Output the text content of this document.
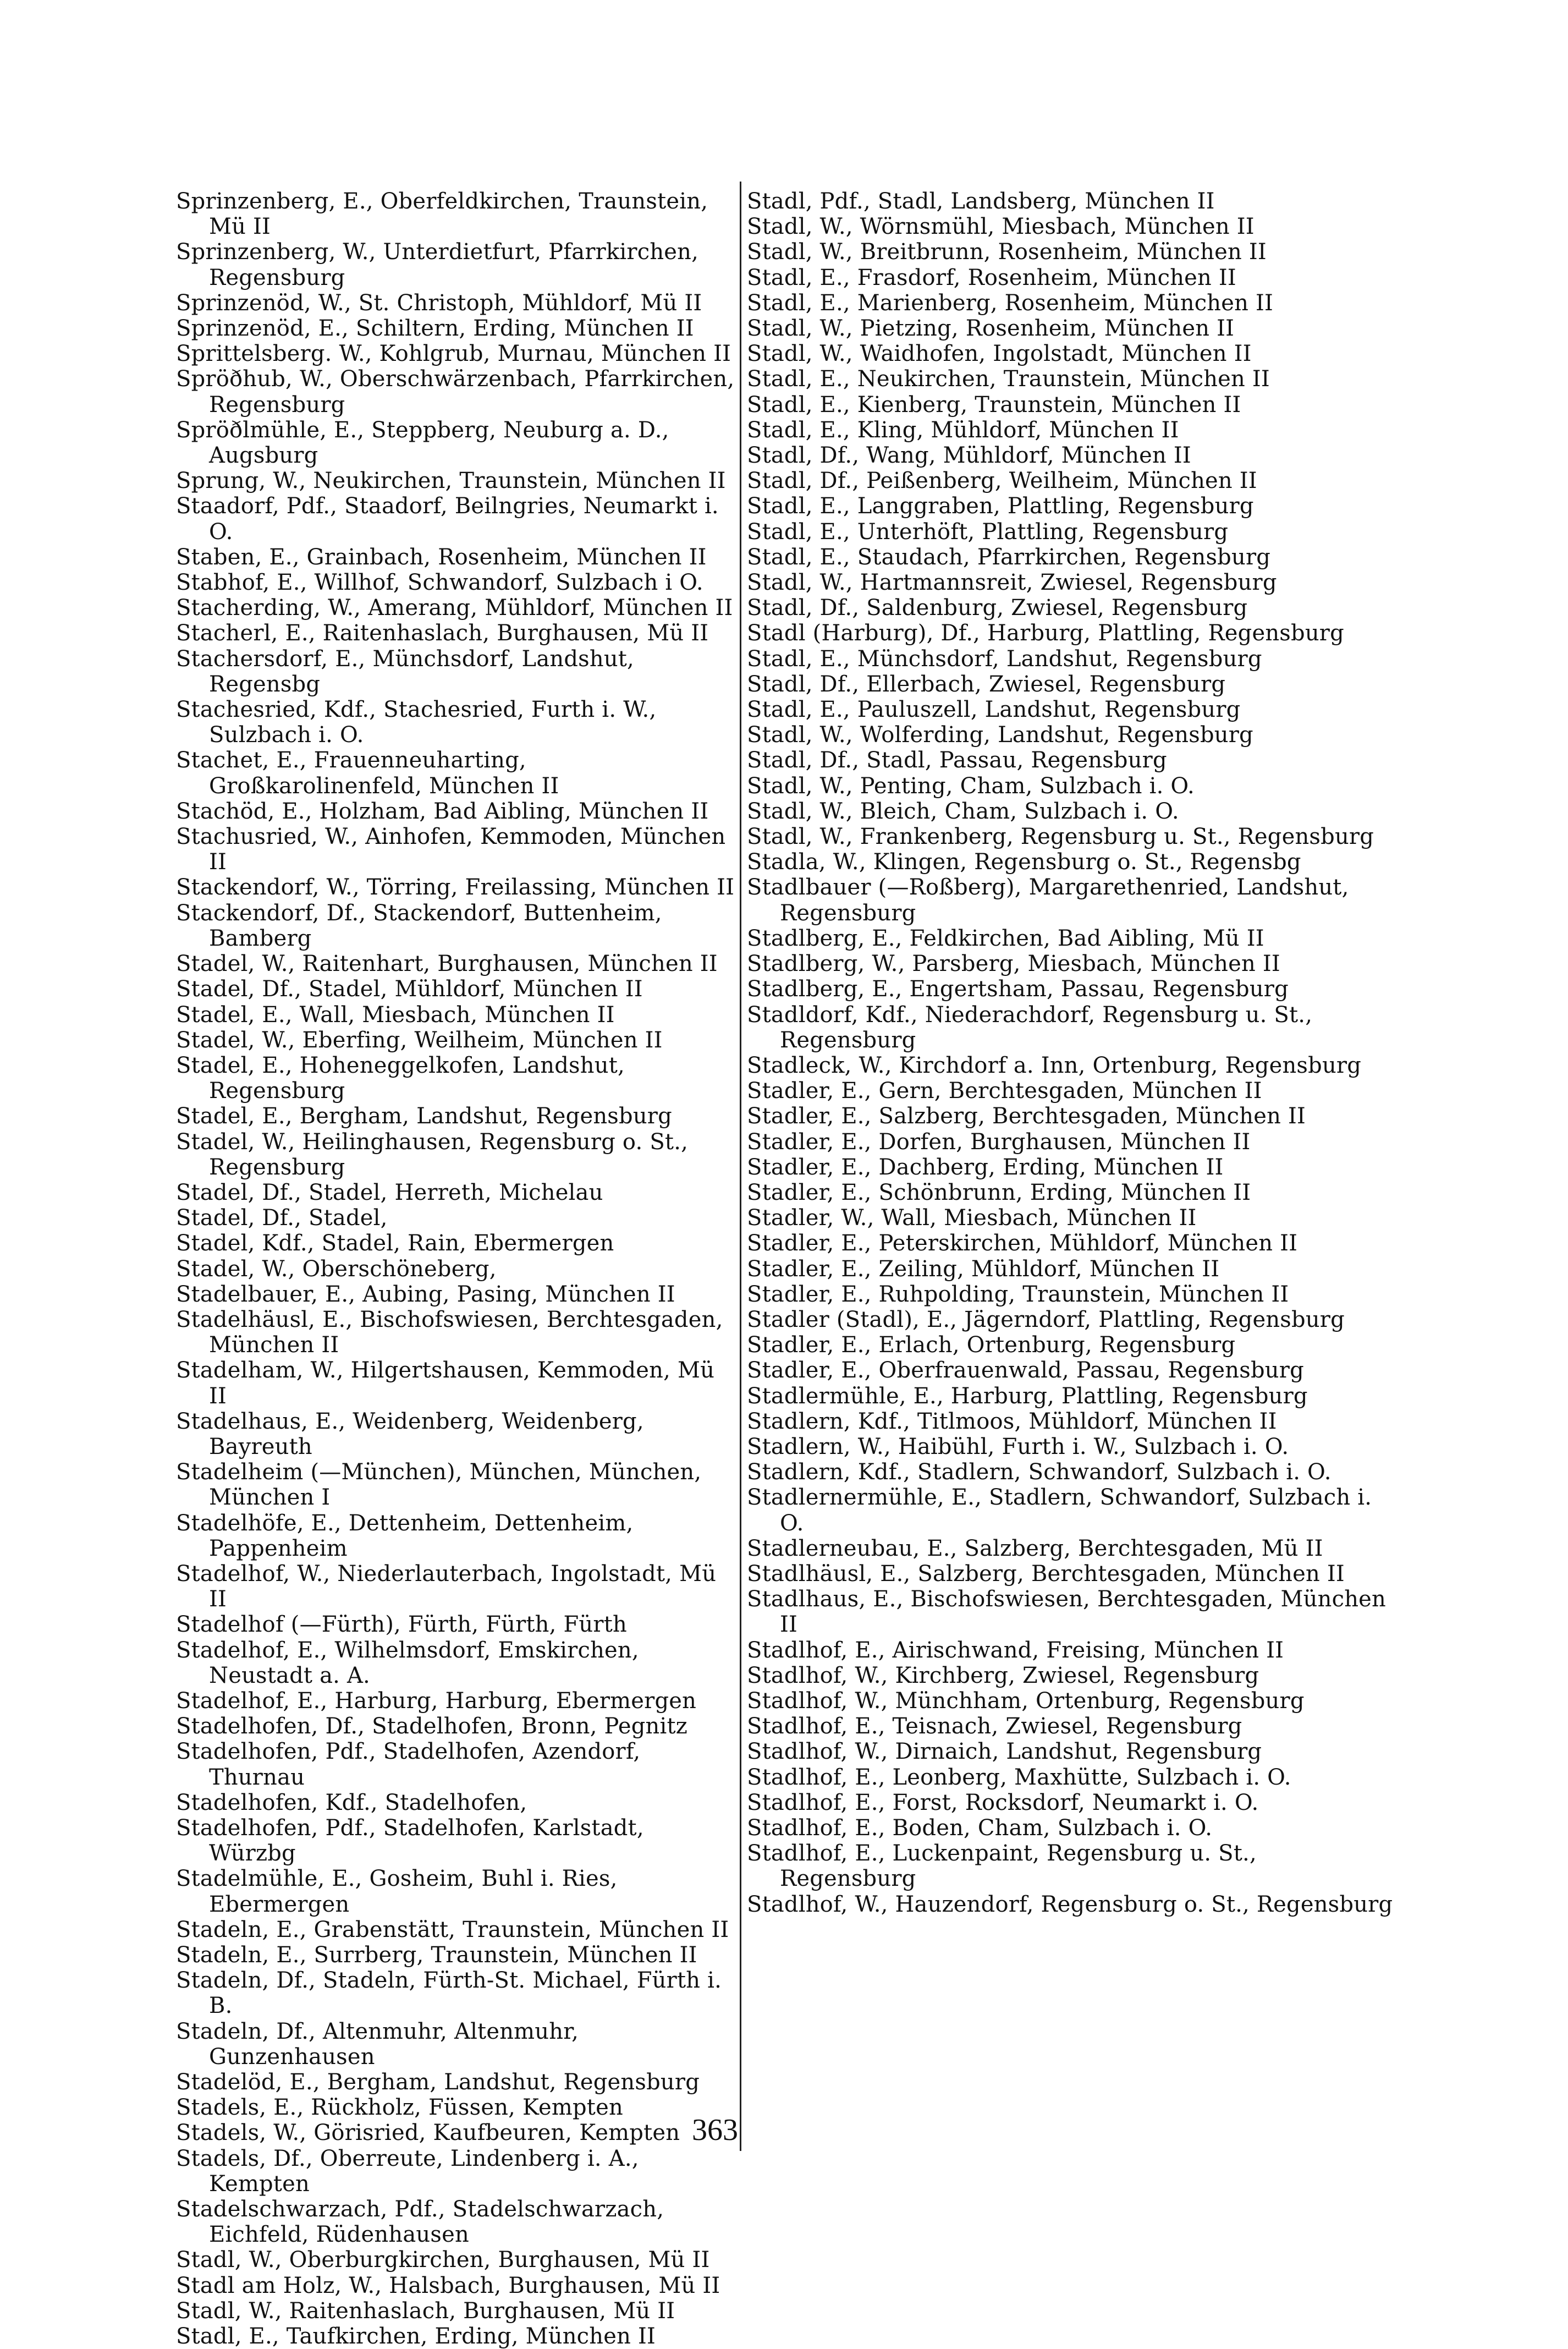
Sprinzenberg, E., Oberfeldkirchen, Traunstein, Mü II
Sprinzenberg, W., Unterdietfurt, Pfarrkirchen, Regensburg
Sprinzenöd, W., St. Christoph, Mühldorf, Mü II
Sprinzenöd, E., Schiltern, Erding, München II
Sprittelsberg. W., Kohlgrub, Murnau, München II
Spröðhub, W., Oberschwärzenbach, Pfarrkirchen, Regensburg
Spröðlmühle, E., Steppberg, Neuburg a. D., Augsburg
Sprung, W., Neukirchen, Traunstein, München II
Staadorf, Pdf., Staadorf, Beilngries, Neumarkt i. O.
Staben, E., Grainbach, Rosenheim, München II
Stabhof, E., Willhof, Schwandorf, Sulzbach i O.
Stacherding, W., Amerang, Mühldorf, München II
Stacherl, E., Raitenhaslach, Burghausen, Mü II
Stachersdorf, E., Münchsdorf, Landshut, Regensbg
Stachesried, Kdf., Stachesried, Furth i. W., Sulzbach i. O.
Stachet, E., Frauenneuharting, Großkarolinenfeld, München II
Stachöd, E., Holzham, Bad Aibling, München II
Stachusried, W., Ainhofen, Kemmoden, München II
Stackendorf, W., Törring, Freilassing, München II
Stackendorf, Df., Stackendorf, Buttenheim, Bamberg
Stadel, W., Raitenhart, Burghausen, München II
Stadel, Df., Stadel, Mühldorf, München II
Stadel, E., Wall, Miesbach, München II
Stadel, W., Eberfing, Weilheim, München II
Stadel, E., Hoheneggelkofen, Landshut, Regensburg
Stadel, E., Bergham, Landshut, Regensburg
Stadel, W., Heilinghausen, Regensburg o. St., Regensburg
Stadel, Df., Stadel, Herreth, Michelau
Stadel, Df., Stadel,
Stadel, Kdf., Stadel, Rain, Ebermergen
Stadel, W., Oberschöneberg,
Stadelbauer, E., Aubing, Pasing, München II
Stadelhäusl, E., Bischofswiesen, Berchtesgaden, München II
Stadelham, W., Hilgertshausen, Kemmoden, Mü II
Stadelhaus, E., Weidenberg, Weidenberg, Bayreuth
Stadelheim (—München), München, München, München I
Stadelhöfe, E., Dettenheim, Dettenheim, Pappenheim
Stadelhof, W., Niederlauterbach, Ingolstadt, Mü II
Stadelhof (—Fürth), Fürth, Fürth, Fürth
Stadelhof, E., Wilhelmsdorf, Emskirchen, Neustadt a. A.
Stadelhof, E., Harburg, Harburg, Ebermergen
Stadelhofen, Df., Stadelhofen, Bronn, Pegnitz
Stadelhofen, Pdf., Stadelhofen, Azendorf, Thurnau
Stadelhofen, Kdf., Stadelhofen,
Stadelhofen, Pdf., Stadelhofen, Karlstadt, Würzbg
Stadelmühle, E., Gosheim, Buhl i. Ries, Ebermergen
Stadeln, E., Grabenstätt, Traunstein, München II
Stadeln, E., Surrberg, Traunstein, München II
Stadeln, Df., Stadeln, Fürth-St. Michael, Fürth i. B.
Stadeln, Df., Altenmuhr, Altenmuhr, Gunzenhausen
Stadelöd, E., Bergham, Landshut, Regensburg
Stadels, E., Rückholz, Füssen, Kempten
Stadels, W., Görisried, Kaufbeuren, Kempten
Stadels, Df., Oberreute, Lindenberg i. A., Kempten
Stadelschwarzach, Pdf., Stadelschwarzach, Eichfeld, Rüdenhausen
Stadl, W., Oberburgkirchen, Burghausen, Mü II
Stadl am Holz, W., Halsbach, Burghausen, Mü II
Stadl, W., Raitenhaslach, Burghausen, Mü II
Stadl, E., Taufkirchen, Erding, München II
Stadl, Pdf., Stadl, Landsberg, München II
Stadl, W., Wörnsmühl, Miesbach, München II
Stadl, W., Breitbrunn, Rosenheim, München II
Stadl, E., Frasdorf, Rosenheim, München II
Stadl, E., Marienberg, Rosenheim, München II
Stadl, W., Pietzing, Rosenheim, München II
Stadl, W., Waidhofen, Ingolstadt, München II
Stadl, E., Neukirchen, Traunstein, München II
Stadl, E., Kienberg, Traunstein, München II
Stadl, E., Kling, Mühldorf, München II
Stadl, Df., Wang, Mühldorf, München II
Stadl, Df., Peißenberg, Weilheim, München II
Stadl, E., Langgraben, Plattling, Regensburg
Stadl, E., Unterhöft, Plattling, Regensburg
Stadl, E., Staudach, Pfarrkirchen, Regensburg
Stadl, W., Hartmannsreit, Zwiesel, Regensburg
Stadl, Df., Saldenburg, Zwiesel, Regensburg
Stadl (Harburg), Df., Harburg, Plattling, Regensburg
Stadl, E., Münchsdorf, Landshut, Regensburg
Stadl, Df., Ellerbach, Zwiesel, Regensburg
Stadl, E., Pauluszell, Landshut, Regensburg
Stadl, W., Wolferding, Landshut, Regensburg
Stadl, Df., Stadl, Passau, Regensburg
Stadl, W., Penting, Cham, Sulzbach i. O.
Stadl, W., Bleich, Cham, Sulzbach i. O.
Stadl, W., Frankenberg, Regensburg u. St., Regensburg
Stadla, W., Klingen, Regensburg o. St., Regensbg
Stadlbauer (—Roßberg), Margarethenried, Landshut, Regensburg
Stadlberg, E., Feldkirchen, Bad Aibling, Mü II
Stadlberg, W., Parsberg, Miesbach, München II
Stadlberg, E., Engertsham, Passau, Regensburg
Stadldorf, Kdf., Niederachdorf, Regensburg u. St., Regensburg
Stadleck, W., Kirchdorf a. Inn, Ortenburg, Regensburg
Stadler, E., Gern, Berchtesgaden, München II
Stadler, E., Salzberg, Berchtesgaden, München II
Stadler, E., Dorfen, Burghausen, München II
Stadler, E., Dachberg, Erding, München II
Stadler, E., Schönbrunn, Erding, München II
Stadler, W., Wall, Miesbach, München II
Stadler, E., Peterskirchen, Mühldorf, München II
Stadler, E., Zeiling, Mühldorf, München II
Stadler, E., Ruhpolding, Traunstein, München II
Stadler (Stadl), E., Jägerndorf, Plattling, Regensburg
Stadler, E., Erlach, Ortenburg, Regensburg
Stadler, E., Oberfrauenwald, Passau, Regensburg
Stadlermühle, E., Harburg, Plattling, Regensburg
Stadlern, Kdf., Titlmoos, Mühldorf, München II
Stadlern, W., Haibühl, Furth i. W., Sulzbach i. O.
Stadlern, Kdf., Stadlern, Schwandorf, Sulzbach i. O.
Stadlernermühle, E., Stadlern, Schwandorf, Sulzbach i. O.
Stadlerneubau, E., Salzberg, Berchtesgaden, Mü II
Stadlhäusl, E., Salzberg, Berchtesgaden, München II
Stadlhaus, E., Bischofswiesen, Berchtesgaden, München II
Stadlhof, E., Airischwand, Freising, München II
Stadlhof, W., Kirchberg, Zwiesel, Regensburg
Stadlhof, W., Münchham, Ortenburg, Regensburg
Stadlhof, E., Teisnach, Zwiesel, Regensburg
Stadlhof, W., Dirnaich, Landshut, Regensburg
Stadlhof, E., Leonberg, Maxhütte, Sulzbach i. O.
Stadlhof, E., Forst, Rocksdorf, Neumarkt i. O.
Stadlhof, E., Boden, Cham, Sulzbach i. O.
Stadlhof, E., Luckenpaint, Regensburg u. St., Regensburg
Stadlhof, W., Hauzendorf, Regensburg o. St., Regensburg
363
